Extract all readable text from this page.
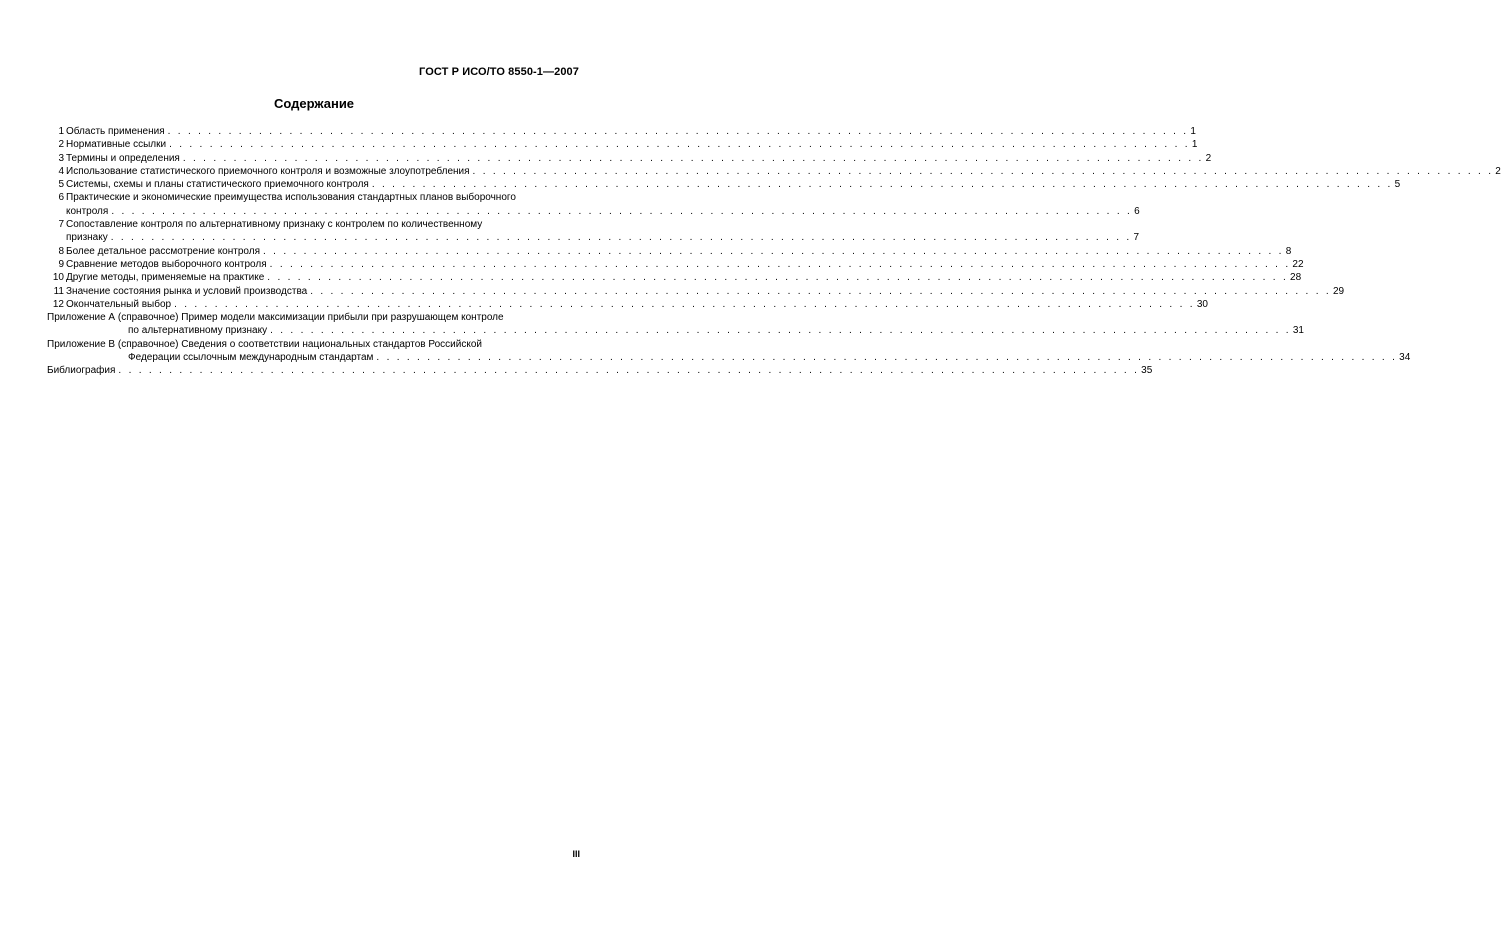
ГОСТ Р ИСО/ТО 8550-1—2007
Содержание
1 Область применения . . . . . . . . . . . . . . . . . . . . . . . . . . . . . . . . . . . . . . . . . . . . . . . . . . . . . . . . . . . . . . . . . . . . . . . . . . . . . . . . . . . . . . . . . . . . . . . . . . . . . 1
2 Нормативные ссылки . . . . . . . . . . . . . . . . . . . . . . . . . . . . . . . . . . . . . . . . . . . . . . . . . . . . . . . . . . . . . . . . . . . . . . . . . . . . . . . . . . . . . . . . . . . . . . . . . . . . . 1
3 Термины и определения . . . . . . . . . . . . . . . . . . . . . . . . . . . . . . . . . . . . . . . . . . . . . . . . . . . . . . . . . . . . . . . . . . . . . . . . . . . . . . . . . . . . . . . . . . . . . . . . . . . . . 2
4 Использование статистического приемочного контроля и возможные злоупотребления . . . . . . . . . . . . . . . . . . . . . . . . . . . . . . . . . . . . . . . . . . . . . . . . . . . . . . . . . . . . . . . . . . . . . . . . . . . . . . . . . . . . . . . . . . . . . . . . . . . . . 2
5 Системы, схемы и планы статистического приемочного контроля . . . . . . . . . . . . . . . . . . . . . . . . . . . . . . . . . . . . . . . . . . . . . . . . . . . . . . . . . . . . . . . . . . . . . . . . . . . . . . . . . . . . . . . . . . . . . . . . . . . . . 5
6 Практические и экономические преимущества использования стандартных планов выборочного
контроля . . . . . . . . . . . . . . . . . . . . . . . . . . . . . . . . . . . . . . . . . . . . . . . . . . . . . . . . . . . . . . . . . . . . . . . . . . . . . . . . . . . . . . . . . . . . . . . . . . . . . 6
7 Сопоставление контроля по альтернативному признаку с контролем по количественному
признаку . . . . . . . . . . . . . . . . . . . . . . . . . . . . . . . . . . . . . . . . . . . . . . . . . . . . . . . . . . . . . . . . . . . . . . . . . . . . . . . . . . . . . . . . . . . . . . . . . . . . . 7
8 Более детальное рассмотрение контроля . . . . . . . . . . . . . . . . . . . . . . . . . . . . . . . . . . . . . . . . . . . . . . . . . . . . . . . . . . . . . . . . . . . . . . . . . . . . . . . . . . . . . . . . . . . . . . . . . . . . . 8
9 Сравнение методов выборочного контроля . . . . . . . . . . . . . . . . . . . . . . . . . . . . . . . . . . . . . . . . . . . . . . . . . . . . . . . . . . . . . . . . . . . . . . . . . . . . . . . . . . . . . . . . . . . . . . . . . . . . . 22
10 Другие методы, применяемые на практике . . . . . . . . . . . . . . . . . . . . . . . . . . . . . . . . . . . . . . . . . . . . . . . . . . . . . . . . . . . . . . . . . . . . . . . . . . . . . . . . . . . . . . . . . . . . . . . . . . . . . 28
11 Значение состояния рынка и условий производства . . . . . . . . . . . . . . . . . . . . . . . . . . . . . . . . . . . . . . . . . . . . . . . . . . . . . . . . . . . . . . . . . . . . . . . . . . . . . . . . . . . . . . . . . . . . . . . . . . . . . 29
12 Окончательный выбор . . . . . . . . . . . . . . . . . . . . . . . . . . . . . . . . . . . . . . . . . . . . . . . . . . . . . . . . . . . . . . . . . . . . . . . . . . . . . . . . . . . . . . . . . . . . . . . . . . . . . 30
Приложение А (справочное)
Пример модели максимизации прибыли при разрушающем контроле
по альтернативному признаку . . . . . . . . . . . . . . . . . . . . . . . . . . . . . . . . . . . . . . . . . . . . . . . . . . . . . . . . . . . . . . . . . . . . . . . . . . . . . . . . . . . . . . . . . . . . . . . . . . . . . 31
Приложение В (справочное)
Сведения о соответствии национальных стандартов Российской
Федерации ссылочным международным стандартам . . . . . . . . . . . . . . . . . . . . . . . . . . . . . . . . . . . . . . . . . . . . . . . . . . . . . . . . . . . . . . . . . . . . . . . . . . . . . . . . . . . . . . . . . . . . . . . . . . . . . 34
Библиография . . . . . . . . . . . . . . . . . . . . . . . . . . . . . . . . . . . . . . . . . . . . . . . . . . . . . . . . . . . . . . . . . . . . . . . . . . . . . . . . . . . . . . . . . . . . . . . . . . . . . 35
III
